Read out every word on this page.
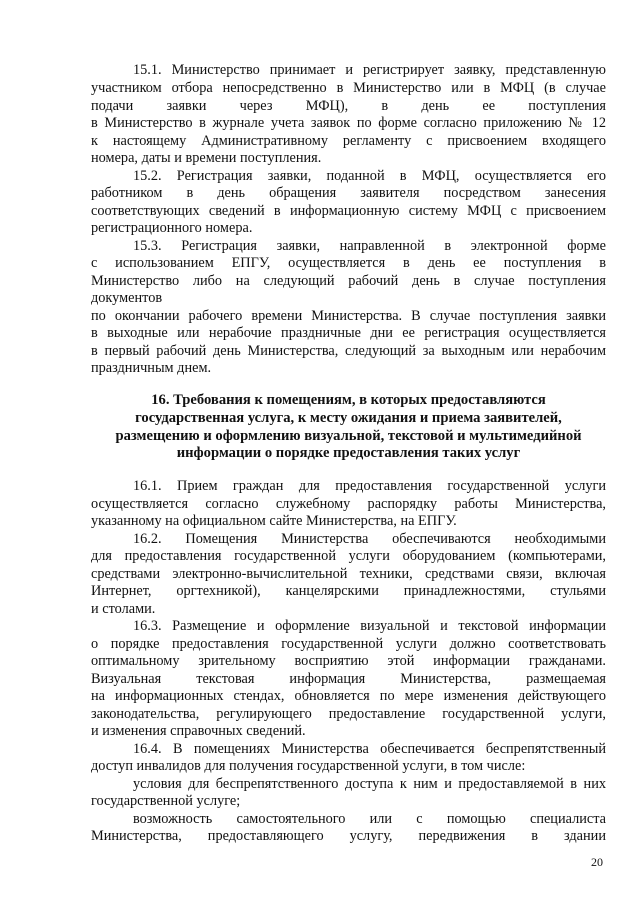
15.1. Министерство принимает и регистрирует заявку, представленную
участником отбора непосредственно в Министерство или в МФЦ (в случае
подачи заявки через МФЦ), в день ее поступления
в Министерство в журнале учета заявок по форме согласно приложению № 12
к настоящему Административному регламенту с присвоением входящего
номера, даты и времени поступления.
15.2. Регистрация заявки, поданной в МФЦ, осуществляется его
работником в день обращения заявителя посредством занесения
соответствующих сведений в информационную систему МФЦ с присвоением
регистрационного номера.
15.3. Регистрация заявки, направленной в электронной форме
с использованием ЕПГУ, осуществляется в день ее поступления в
Министерство либо на следующий рабочий день в случае поступления
документов
по окончании рабочего времени Министерства. В случае поступления заявки
в выходные или нерабочие праздничные дни ее регистрация осуществляется
в первый рабочий день Министерства, следующий за выходным или нерабочим
праздничным днем.
16. Требования к помещениям, в которых предоставляются
государственная услуга, к месту ожидания и приема заявителей,
размещению и оформлению визуальной, текстовой и мультимедийной
информации о порядке предоставления таких услуг
16.1. Прием граждан для предоставления государственной услуги
осуществляется согласно служебному распорядку работы Министерства,
указанному на официальном сайте Министерства, на ЕПГУ.
16.2. Помещения Министерства обеспечиваются необходимыми
для предоставления государственной услуги оборудованием (компьютерами,
средствами электронно-вычислительной техники, средствами связи, включая
Интернет, оргтехникой), канцелярскими принадлежностями, стульями
и столами.
16.3. Размещение и оформление визуальной и текстовой информации
о порядке предоставления государственной услуги должно соответствовать
оптимальному зрительному восприятию этой информации гражданами.
Визуальная текстовая информация Министерства, размещаемая
на информационных стендах, обновляется по мере изменения действующего
законодательства, регулирующего предоставление государственной услуги,
и изменения справочных сведений.
16.4. В помещениях Министерства обеспечивается беспрепятственный
доступ инвалидов для получения государственной услуги, в том числе:
условия для беспрепятственного доступа к ним и предоставляемой в них
государственной услуге;
возможность самостоятельного или с помощью специалиста
Министерства, предоставляющего услугу, передвижения в здании
20
